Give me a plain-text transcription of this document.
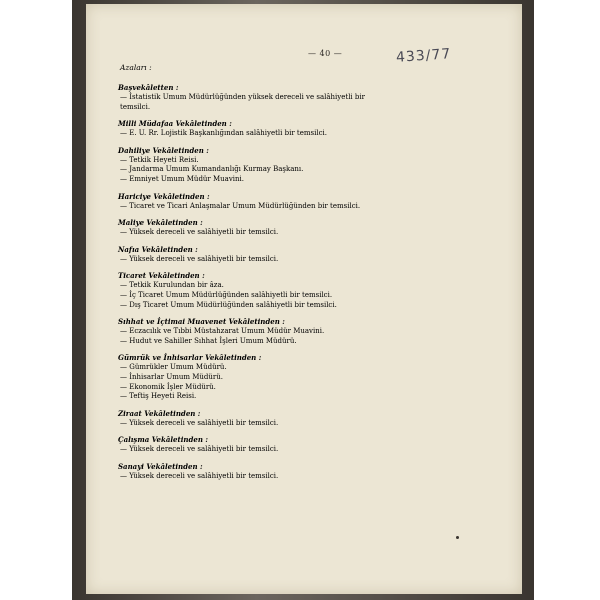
— 40 —	433/77
Azaları :
Başvekâletten :
— İstatistik Umum Müdürlüğünden yüksek dereceli ve salâhiyetli bir temsilci.
Milli Müdafaa Vekâletinden :
— E. U. Rr. Lojistik Başkanlığından salâhiyetli bir temsilci.
Dahiliye Vekâletinden :
— Tetkik Heyeti Reisi.
— Jandarma Umum Kumandanlığı Kurmay Başkanı.
— Emniyet Umum Müdür Muavini.
Hariciye Vekâletinden :
— Ticaret ve Ticari Anlaşmalar Umum Müdürlüğünden bir temsilci.
Maliye Vekâletinden :
— Yüksek dereceli ve salâhiyetli bir temsilci.
Nafıa Vekâletinden :
— Yüksek dereceli ve salâhiyetli bir temsilci.
Ticaret Vekâletinden :
— Tetkik Kurulundan bir âza.
— İç Ticaret Umum Müdürlüğünden salâhiyetli bir temsilci.
— Dış Ticaret Umum Müdürlüğünden salâhiyetli bir temsilci.
Sıhhat ve İçtimai Muavenet Vekâletinden :
— Eczacılık ve Tıbbi Müstahzarat Umum Müdür Muavini.
— Hudut ve Sahiller Sıhhat İşleri Umum Müdürü.
Gümrük ve İnhisarlar Vekâletinden :
— Gümrükler Umum Müdürü.
— İnhisarlar Umum Müdürü.
— Ekonomik İşler Müdürü.
— Teftiş Heyeti Reisi.
Ziraat Vekâletinden :
— Yüksek dereceli ve salâhiyetli bir temsilci.
Çalışma Vekâletinden :
— Yüksek dereceli ve salâhiyetli bir temsilci.
Sanayi Vekâletinden :
— Yüksek dereceli ve salâhiyetli bir temsilci.
